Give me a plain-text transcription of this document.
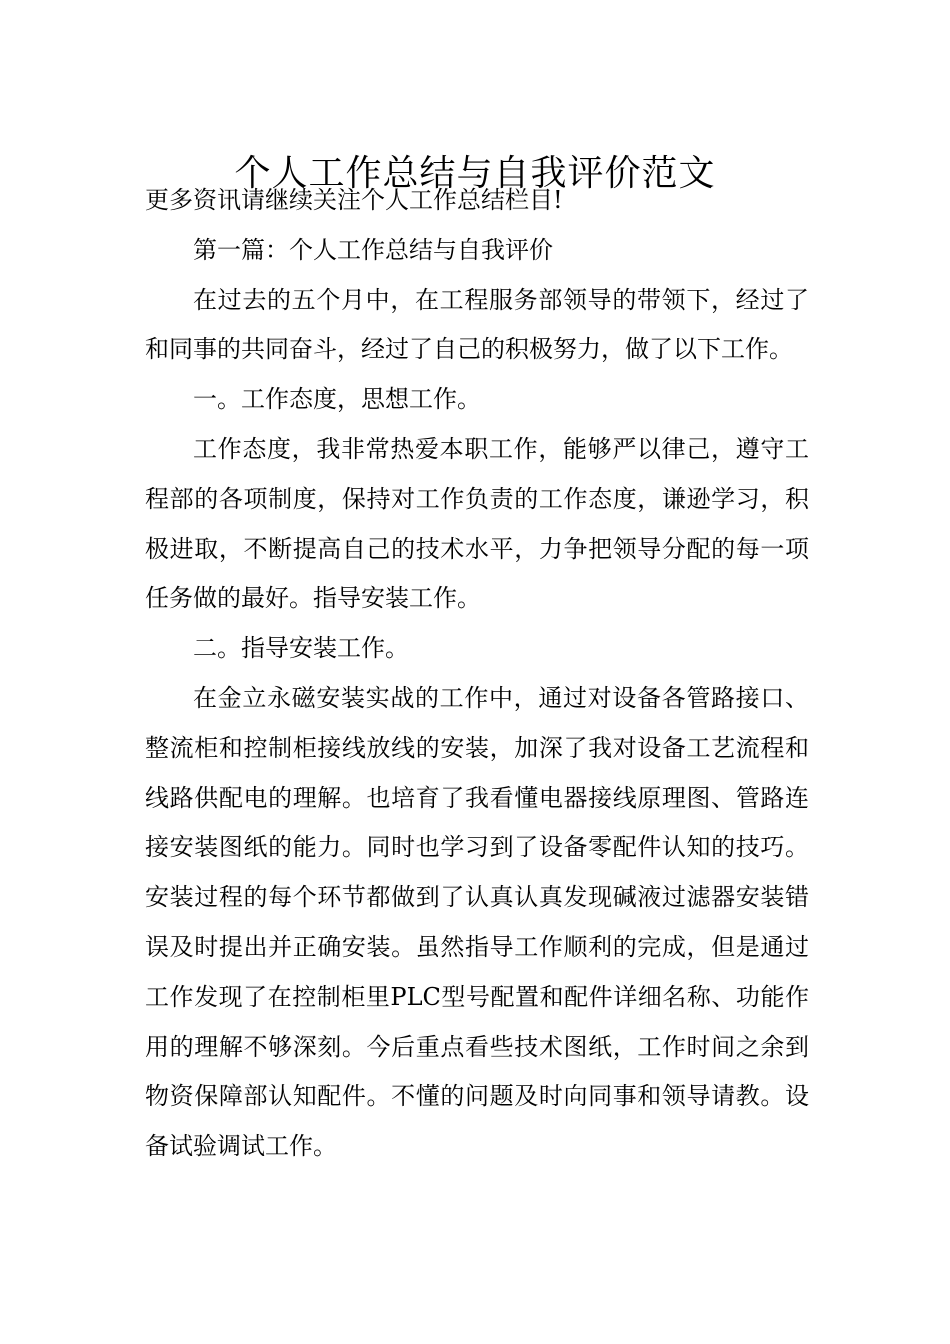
个人工作总结与自我评价范文

更多资讯请继续关注个人工作总结栏目!

第一篇：个人工作总结与自我评价

在过去的五个月中，在工程服务部领导的带领下，经过了和同事的共同奋斗，经过了自己的积极努力，做了以下工作。

一。工作态度，思想工作。

工作态度，我非常热爱本职工作，能够严以律己，遵守工程部的各项制度，保持对工作负责的工作态度，谦逊学习，积极进取，不断提高自己的技术水平，力争把领导分配的每一项任务做的最好。指导安装工作。

二。指导安装工作。

在金立永磁安装实战的工作中，通过对设备各管路接口、整流柜和控制柜接线放线的安装，加深了我对设备工艺流程和线路供配电的理解。也培育了我看懂电器接线原理图、管路连接安装图纸的能力。同时也学习到了设备零配件认知的技巧。安装过程的每个环节都做到了认真认真发现碱液过滤器安装错误及时提出并正确安装。虽然指导工作顺利的完成，但是通过工作发现了在控制柜里PLC型号配置和配件详细名称、功能作用的理解不够深刻。今后重点看些技术图纸，工作时间之余到物资保障部认知配件。不懂的问题及时向同事和领导请教。设备试验调试工作。
